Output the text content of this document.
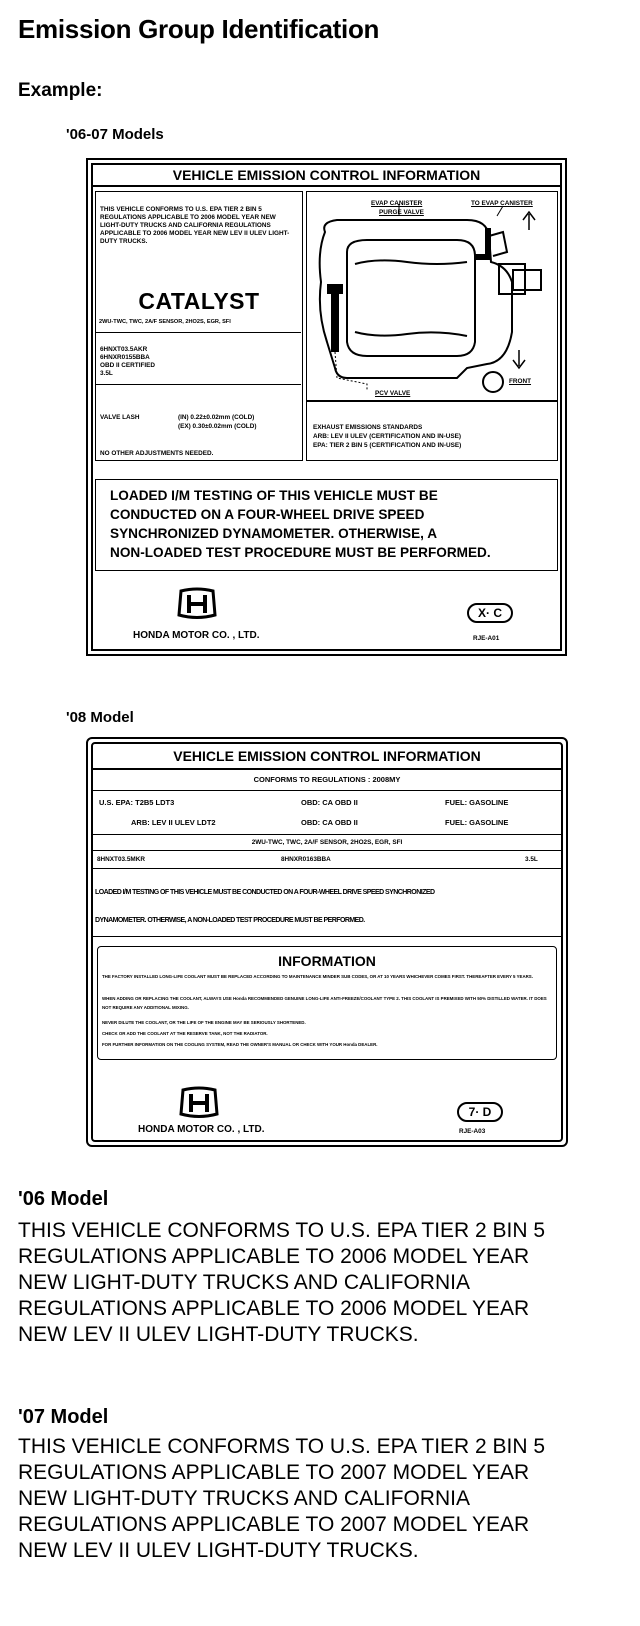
Emission Group Identification
Example:
'06-07 Models
VEHICLE EMISSION CONTROL INFORMATION
THIS VEHICLE CONFORMS TO U.S. EPA TIER 2 BIN 5 REGULATIONS APPLICABLE TO 2006 MODEL YEAR NEW LIGHT-DUTY TRUCKS AND CALIFORNIA REGULATIONS APPLICABLE TO 2006 MODEL YEAR NEW LEV II ULEV LIGHT-DUTY TRUCKS.
CATALYST
2WU-TWC, TWC, 2A/F SENSOR, 2HO2S, EGR, SFI
6HNXT03.5AKR
6HNXR0155BBA
OBD II CERTIFIED
3.5L
VALVE LASH	(IN) 0.22±0.02mm (COLD)
(EX) 0.30±0.02mm (COLD)
NO OTHER ADJUSTMENTS NEEDED.
EVAP CANISTER
PURGE VALVE
TO EVAP CANISTER
PCV VALVE
FRONT
EXHAUST EMISSIONS STANDARDS
ARB: LEV II ULEV (CERTIFICATION AND IN-USE)
EPA: TIER 2 BIN 5 (CERTIFICATION AND IN-USE)
LOADED I/M TESTING OF THIS VEHICLE MUST BE
CONDUCTED ON A FOUR-WHEEL DRIVE SPEED
SYNCHRONIZED DYNAMOMETER. OTHERWISE, A
NON-LOADED TEST PROCEDURE MUST BE PERFORMED.
HONDA MOTOR CO. , LTD.
X· C
RJE-A01
'08 Model
VEHICLE EMISSION CONTROL INFORMATION
CONFORMS TO REGULATIONS : 2008MY
U.S. EPA: T2B5 LDT3	OBD: CA OBD II	FUEL: GASOLINE
ARB: LEV II ULEV LDT2	OBD: CA OBD II	FUEL: GASOLINE
2WU-TWC, TWC, 2A/F SENSOR, 2HO2S, EGR, SFI
8HNXT03.5MKR	8HNXR0163BBA	3.5L
LOADED I/M TESTING OF THIS VEHICLE MUST BE CONDUCTED ON A FOUR-WHEEL DRIVE SPEED SYNCHRONIZED
DYNAMOMETER. OTHERWISE, A NON-LOADED TEST PROCEDURE MUST BE PERFORMED.
INFORMATION
THE FACTORY INSTALLED LONG-LIFE COOLANT MUST BE REPLACED ACCORDING TO MAINTENANCE MINDER SUB CODES, OR AT 10 YEARS WHICHEVER COMES FIRST. THEREAFTER EVERY 5 YEARS.
WHEN ADDING OR REPLACING THE COOLANT, ALWAYS USE Honda RECOMMENDED GENUINE LONG-LIFE ANTI-FREEZE/COOLANT TYPE 2. THIS COOLANT IS PREMIXED WITH 50% DISTILLED WATER. IT DOES NOT REQUIRE ANY ADDITIONAL MIXING.
NEVER DILUTE THE COOLANT, OR THE LIFE OF THE ENGINE MAY BE SERIOUSLY SHORTENED.
CHECK OR ADD THE COOLANT AT THE RESERVE TANK, NOT THE RADIATOR.
FOR FURTHER INFORMATION ON THE COOLING SYSTEM, READ THE OWNER'S MANUAL OR CHECK WITH YOUR Honda DEALER.
HONDA MOTOR CO. , LTD.
7· D
RJE-A03
'06 Model
THIS VEHICLE CONFORMS TO U.S. EPA TIER 2 BIN 5
REGULATIONS APPLICABLE TO 2006 MODEL YEAR
NEW LIGHT-DUTY TRUCKS AND CALIFORNIA
REGULATIONS APPLICABLE TO 2006 MODEL YEAR
NEW LEV II ULEV LIGHT-DUTY TRUCKS.
'07 Model
THIS VEHICLE CONFORMS TO U.S. EPA TIER 2 BIN 5
REGULATIONS APPLICABLE TO 2007 MODEL YEAR
NEW LIGHT-DUTY TRUCKS AND CALIFORNIA
REGULATIONS APPLICABLE TO 2007 MODEL YEAR
NEW LEV II ULEV LIGHT-DUTY TRUCKS.
